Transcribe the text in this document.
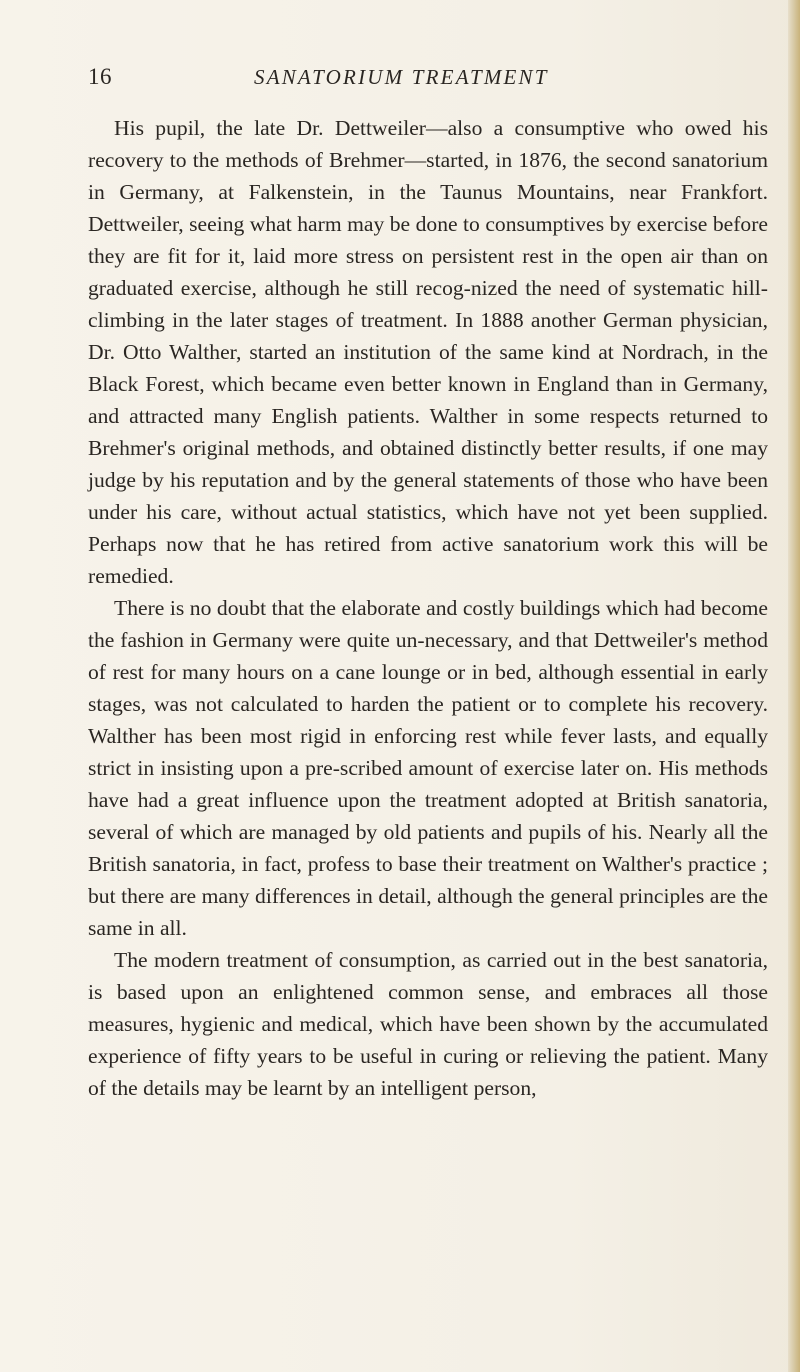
16	SANATORIUM TREATMENT

His pupil, the late Dr. Dettweiler—also a consumptive who owed his recovery to the methods of Brehmer—started, in 1876, the second sanatorium in Germany, at Falkenstein, in the Taunus Mountains, near Frankfort. Dettweiler, seeing what harm may be done to consumptives by exercise before they are fit for it, laid more stress on persistent rest in the open air than on graduated exercise, although he still recog-nized the need of systematic hill-climbing in the later stages of treatment. In 1888 another German physician, Dr. Otto Walther, started an institution of the same kind at Nordrach, in the Black Forest, which became even better known in England than in Germany, and attracted many English patients. Walther in some respects returned to Brehmer's original methods, and obtained distinctly better results, if one may judge by his reputation and by the general statements of those who have been under his care, without actual statistics, which have not yet been supplied. Perhaps now that he has retired from active sanatorium work this will be remedied.

There is no doubt that the elaborate and costly buildings which had become the fashion in Germany were quite un-necessary, and that Dettweiler's method of rest for many hours on a cane lounge or in bed, although essential in early stages, was not calculated to harden the patient or to complete his recovery. Walther has been most rigid in enforcing rest while fever lasts, and equally strict in insisting upon a pre-scribed amount of exercise later on. His methods have had a great influence upon the treatment adopted at British sanatoria, several of which are managed by old patients and pupils of his. Nearly all the British sanatoria, in fact, profess to base their treatment on Walther's practice ; but there are many differences in detail, although the general principles are the same in all.

The modern treatment of consumption, as carried out in the best sanatoria, is based upon an enlightened common sense, and embraces all those measures, hygienic and medical, which have been shown by the accumulated experience of fifty years to be useful in curing or relieving the patient. Many of the details may be learnt by an intelligent person,
